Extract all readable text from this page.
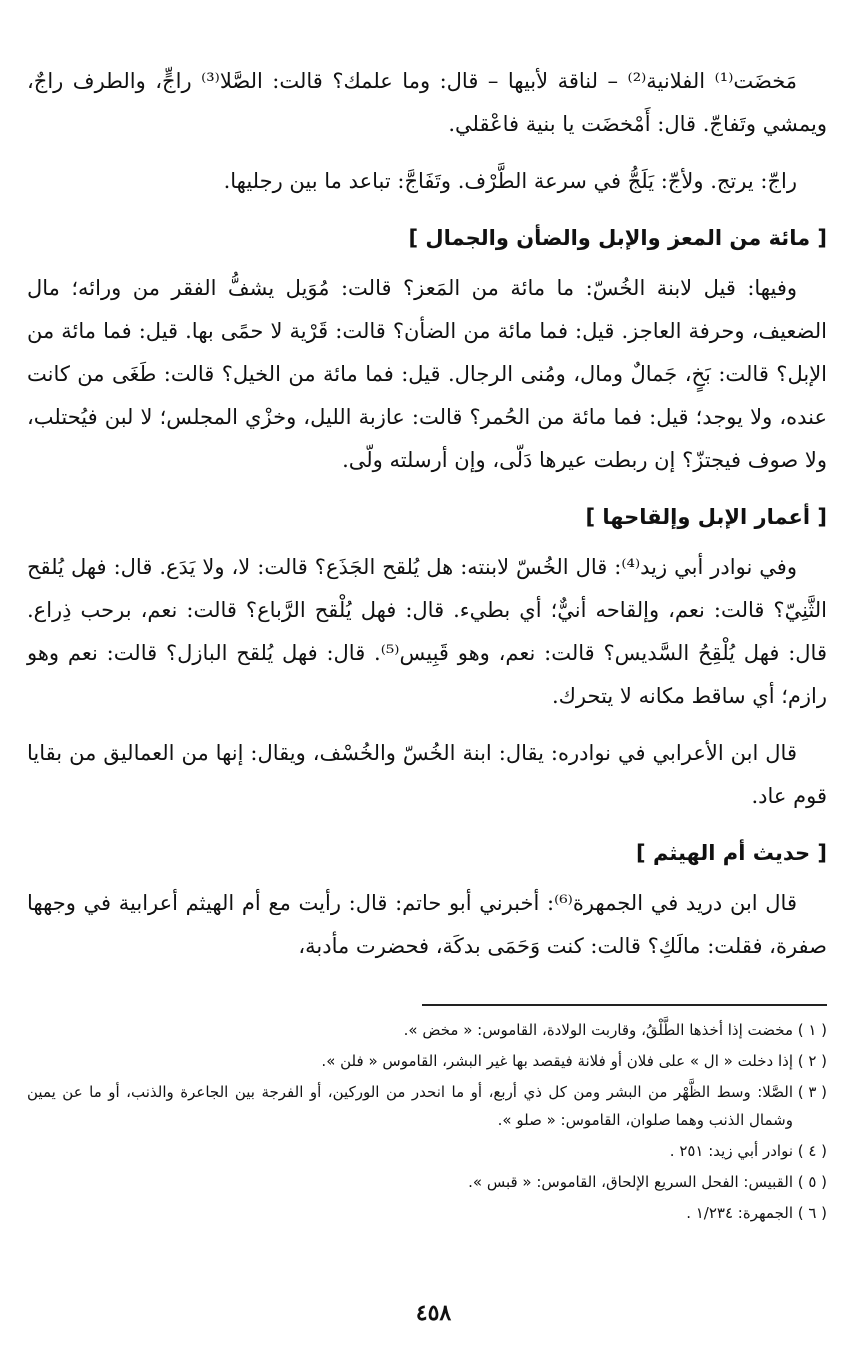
مَخضَت⁽¹⁾ الفلانية⁽²⁾ – لناقة لأبيها – قال: وما علمك؟ قالت: الصَّلا⁽³⁾ راجٍّ، والطرف راجٌ، ويمشي وتَفاجّ. قال: أَمْخضَت يا بنية فاعْقلي.

راجّ: يرتج. ولأجّ: يَلَجُّ في سرعة الطَّرْف. وتَفَاجَّ: تباعد ما بين رجليها.

[ مائة من المعز والإبل والضأن والجمال ]

وفيها: قيل لابنة الخُسّ: ما مائة من المَعز؟ قالت: مُوَيل يشفُّ الفقر من ورائه؛ مال الضعيف، وحرفة العاجز. قيل: فما مائة من الضأن؟ قالت: قَرْية لا حمًى بها. قيل: فما مائة من الإبل؟ قالت: بَخٍ، جَمالٌ ومال، ومُنى الرجال. قيل: فما مائة من الخيل؟ قالت: طَغَى من كانت عنده، ولا يوجد؛ قيل: فما مائة من الحُمر؟ قالت: عازبة الليل، وخزْي المجلس؛ لا لبن فيُحتلب، ولا صوف فيجتزّ؟ إن ربطت عيرها دَلّى، وإن أرسلته ولّى.

[ أعمار الإبل وإلقاحها ]

وفي نوادر أبي زيد⁽⁴⁾: قال الخُسّ لابنته: هل يُلقح الجَذَع؟ قالت: لا، ولا يَدَع. قال: فهل يُلقح الثَّنِيّ؟ قالت: نعم، وإلقاحه أنيٌّ؛ أي بطيء. قال: فهل يُلْقح الرَّباع؟ قالت: نعم، برحب ذِراع. قال: فهل يُلْقِحُ السَّديس؟ قالت: نعم، وهو قَبِيس⁽⁵⁾. قال: فهل يُلقح البازل؟ قالت: نعم وهو رازم؛ أي ساقط مكانه لا يتحرك.

قال ابن الأعرابي في نوادره: يقال: ابنة الخُسّ والخُسْف، ويقال: إنها من العماليق من بقايا قوم عاد.

[ حديث أم الهيثم ]

قال ابن دريد في الجمهرة⁽⁶⁾: أخبرني أبو حاتم: قال: رأيت مع أم الهيثم أعرابية في وجهها صفرة، فقلت: مالَكِ؟ قالت: كنت وَحَمَى بدكَة، فحضرت مأدبة،

( ١ )
مخضت إذا أخذها الطَّلْقُ، وقاربت الولادة، القاموس: « مخض ».
( ٢ )
إذا دخلت « ال » على فلان أو فلانة فيقصد بها غير البشر، القاموس « فلن ».
( ٣ )
الصَّلا: وسط الظَّهْر من البشر ومن كل ذي أربع، أو ما انحدر من الوركين، أو الفرجة بين الجاعرة والذنب، أو ما عن يمين وشمال الذنب وهما صلوان، القاموس: « صلو ».
( ٤ )
نوادر أبي زيد: ٢٥١ .
( ٥ )
القبيس: الفحل السريع الإلحاق، القاموس: « قبس ».
( ٦ )
الجمهرة: ١/٢٣٤ .
٤٥٨
